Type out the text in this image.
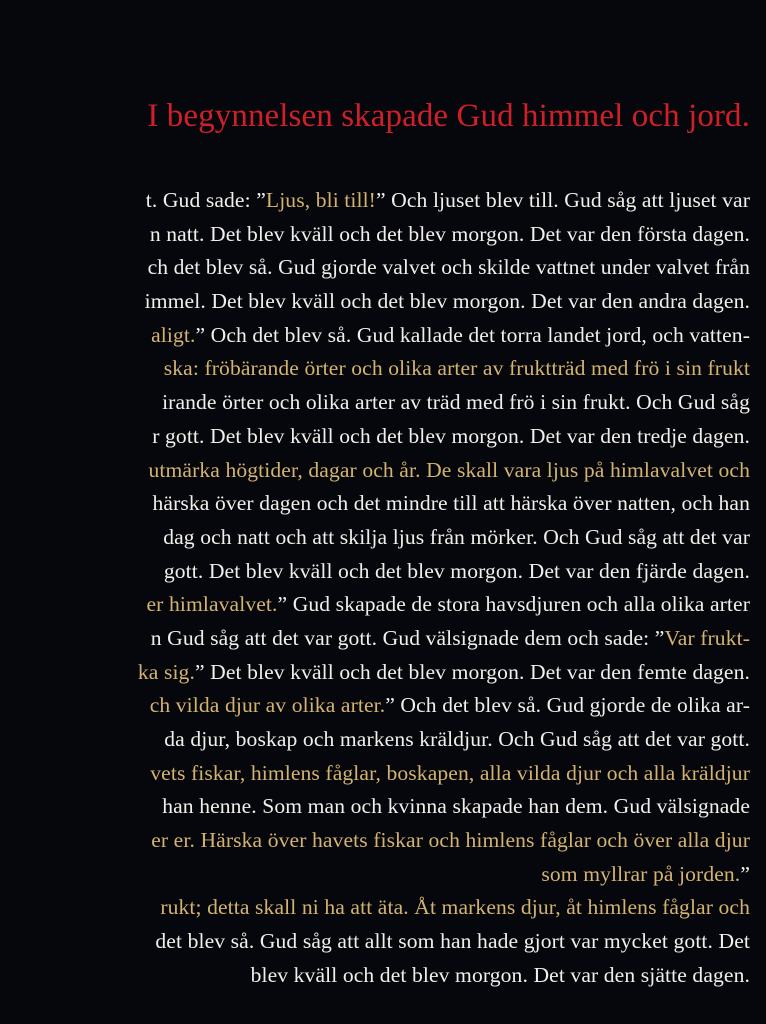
I begynnelsen skapade Gud himmel och jord.
t. Gud sade: ”Ljus, bli till!” Och ljuset blev till. Gud såg att ljuset var
n natt. Det blev kväll och det blev morgon. Det var den första dagen.
ch det blev så. Gud gjorde valvet och skilde vattnet under valvet från
immel. Det blev kväll och det blev morgon. Det var den andra dagen.
aligt.” Och det blev så. Gud kallade det torra landet jord, och vatten-
ska: fröbärande örter och olika arter av fruktträd med frö i sin frukt
irande örter och olika arter av träd med frö i sin frukt. Och Gud såg
r gott. Det blev kväll och det blev morgon. Det var den tredje dagen.
utmärka högtider, dagar och år. De skall vara ljus på himlavalvet och
härska över dagen och det mindre till att härska över natten, och han
dag och natt och att skilja ljus från mörker. Och Gud såg att det var
gott. Det blev kväll och det blev morgon. Det var den fjärde dagen.
er himlavalvet.” Gud skapade de stora havsdjuren och alla olika arter
n Gud såg att det var gott. Gud välsignade dem och sade: ”Var frukt-
ka sig.” Det blev kväll och det blev morgon. Det var den femte dagen.
ch vilda djur av olika arter.” Och det blev så. Gud gjorde de olika ar-
da djur, boskap och markens kräldjur. Och Gud såg att det var gott.
vets fiskar, himlens fåglar, boskapen, alla vilda djur och alla kräldjur
han henne. Som man och kvinna skapade han dem. Gud välsignade
er er. Härska över havets fiskar och himlens fåglar och över alla djur
som myllrar på jorden.”
rukt; detta skall ni ha att äta. Åt markens djur, åt himlens fåglar och
det blev så. Gud såg att allt som han hade gjort var mycket gott. Det
blev kväll och det blev morgon. Det var den sjätte dagen.
